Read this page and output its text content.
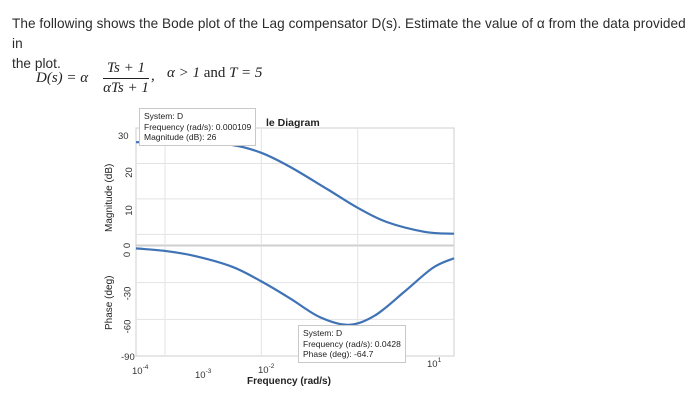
The following shows the Bode plot of the Lag compensator D(s). Estimate the value of α from the data provided in
the plot.
D(s) = α
Ts + 1
αTs + 1
, α > 1 and T = 5
Magnitude (dB)
Phase (deg)
30
20
10
0
0
-30
-60
-90
$10^{-4}$
$10^{-3}$	$10^{-2}$	$10^1$
Frequency (rad/s)
le Diagram
System: D
Frequency (rad/s): 0.000109
Magnitude (dB): 26
System: D
Frequency (rad/s): 0.0428
Phase (deg): -64.7
